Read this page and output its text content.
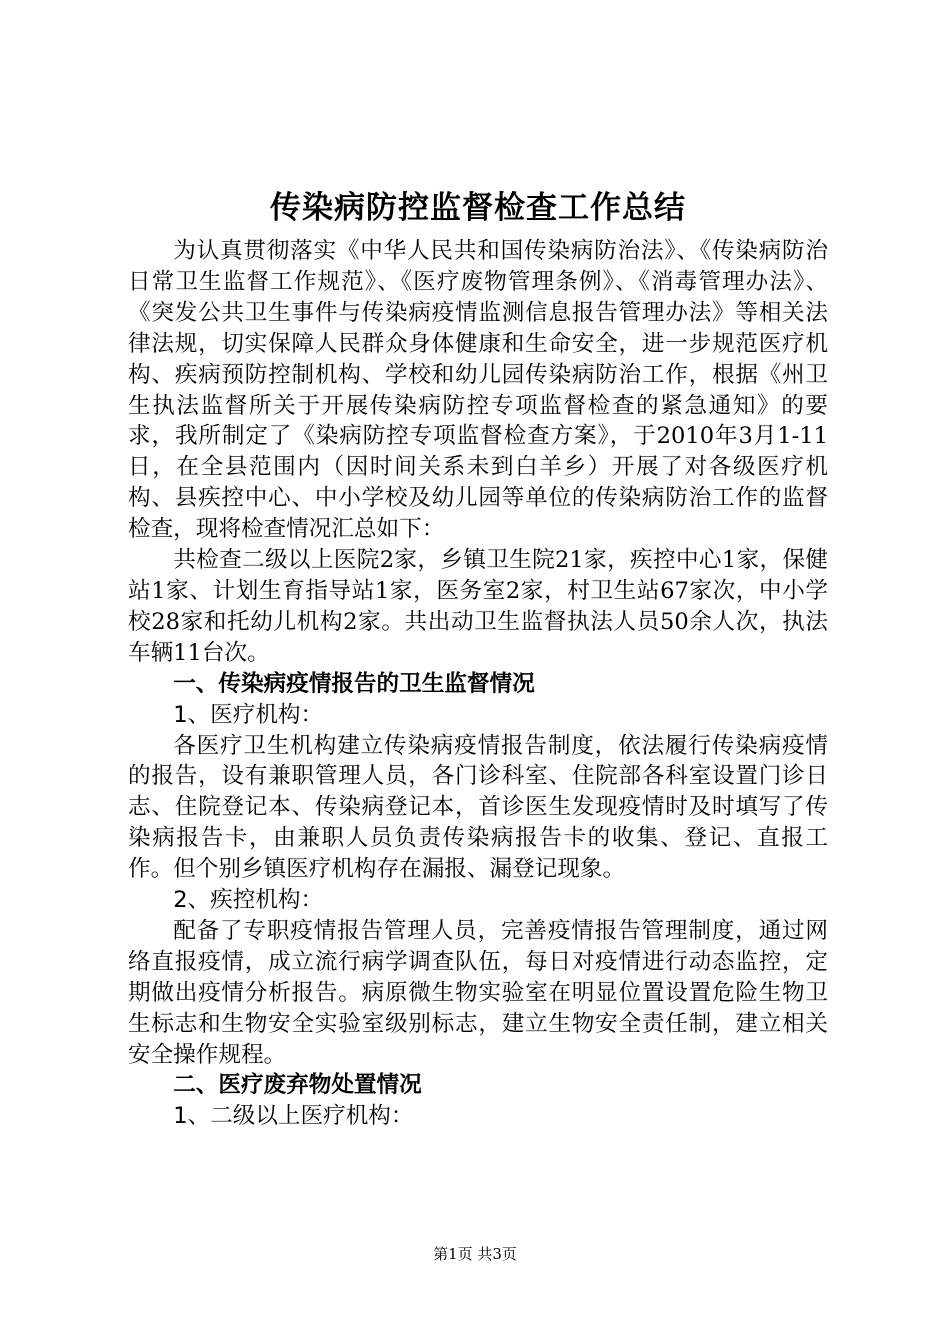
传染病防控监督检查工作总结

为认真贯彻落实《中华人民共和国传染病防治法》、《传染病防治日常卫生监督工作规范》、《医疗废物管理条例》、《消毒管理办法》、《突发公共卫生事件与传染病疫情监测信息报告管理办法》等相关法律法规，切实保障人民群众身体健康和生命安全，进一步规范医疗机构、疾病预防控制机构、学校和幼儿园传染病防治工作，根据《州卫生执法监督所关于开展传染病防控专项监督检查的紧急通知》的要求，我所制定了《染病防控专项监督检查方案》，于2010年3月1-11日，在全县范围内（因时间关系未到白羊乡）开展了对各级医疗机构、县疾控中心、中小学校及幼儿园等单位的传染病防治工作的监督检查，现将检查情况汇总如下：

共检查二级以上医院2家，乡镇卫生院21家，疾控中心1家，保健站1家、计划生育指导站1家，医务室2家，村卫生站67家次，中小学校28家和托幼儿机构2家。共出动卫生监督执法人员50余人次，执法车辆11台次。

一、传染病疫情报告的卫生监督情况

1、医疗机构：

各医疗卫生机构建立传染病疫情报告制度，依法履行传染病疫情的报告，设有兼职管理人员，各门诊科室、住院部各科室设置门诊日志、住院登记本、传染病登记本，首诊医生发现疫情时及时填写了传染病报告卡，由兼职人员负责传染病报告卡的收集、登记、直报工作。但个别乡镇医疗机构存在漏报、漏登记现象。

2、疾控机构：

配备了专职疫情报告管理人员，完善疫情报告管理制度，通过网络直报疫情，成立流行病学调查队伍，每日对疫情进行动态监控，定期做出疫情分析报告。病原微生物实验室在明显位置设置危险生物卫生标志和生物安全实验室级别标志，建立生物安全责任制，建立相关安全操作规程。

二、医疗废弃物处置情况

1、二级以上医疗机构：

第1页 共3页
